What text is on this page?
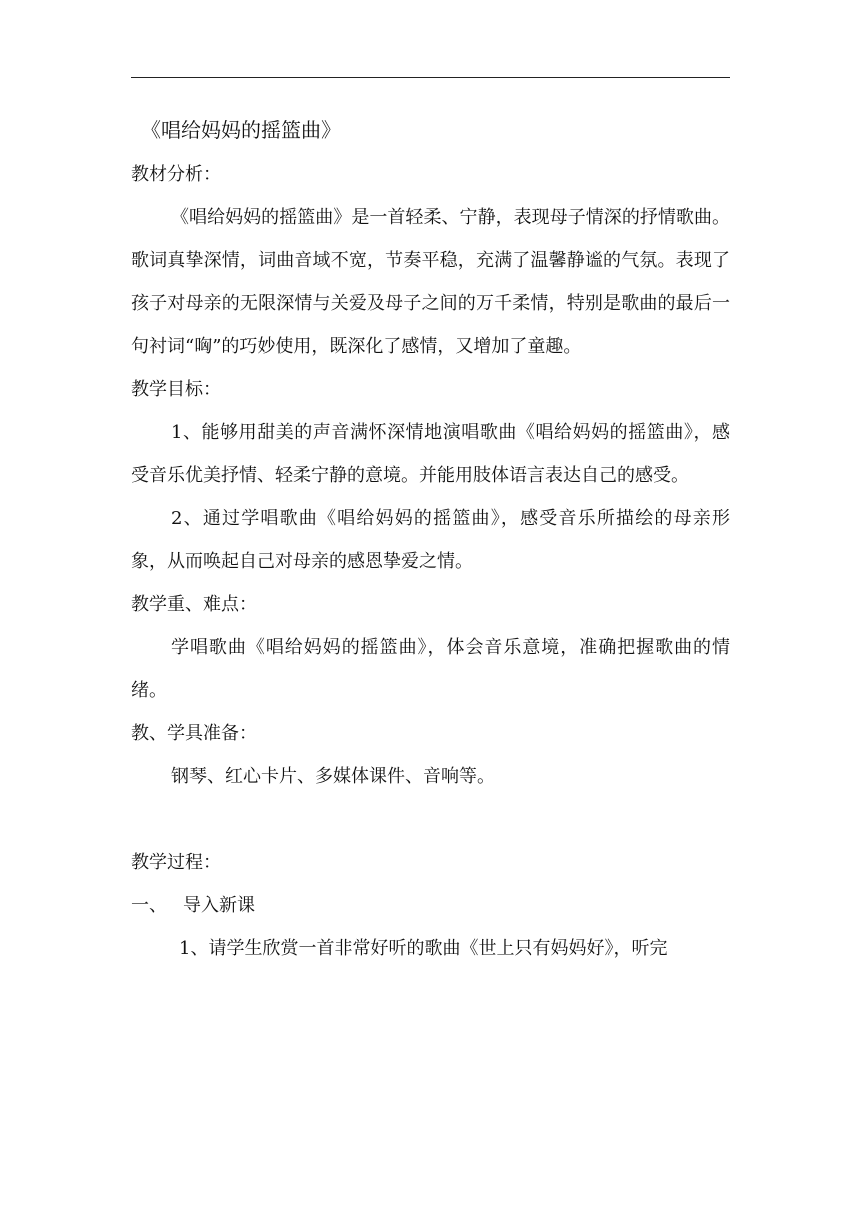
《唱给妈妈的摇篮曲》

教材分析：

《唱给妈妈的摇篮曲》是一首轻柔、宁静，表现母子情深的抒情歌曲。歌词真挚深情，词曲音域不宽，节奏平稳，充满了温馨静谧的气氛。表现了孩子对母亲的无限深情与关爱及母子之间的万千柔情，特别是歌曲的最后一句衬词“哅”的巧妙使用，既深化了感情，又增加了童趣。

教学目标：

1、能够用甜美的声音满怀深情地演唱歌曲《唱给妈妈的摇篮曲》，感受音乐优美抒情、轻柔宁静的意境。并能用肢体语言表达自己的感受。

2、通过学唱歌曲《唱给妈妈的摇篮曲》，感受音乐所描绘的母亲形象，从而唤起自己对母亲的感恩挚爱之情。

教学重、难点：

学唱歌曲《唱给妈妈的摇篮曲》，体会音乐意境，准确把握歌曲的情绪。

教、学具准备：

钢琴、红心卡片、多媒体课件、音响等。

教学过程：

一、 导入新课

1、请学生欣赏一首非常好听的歌曲《世上只有妈妈好》，听完
